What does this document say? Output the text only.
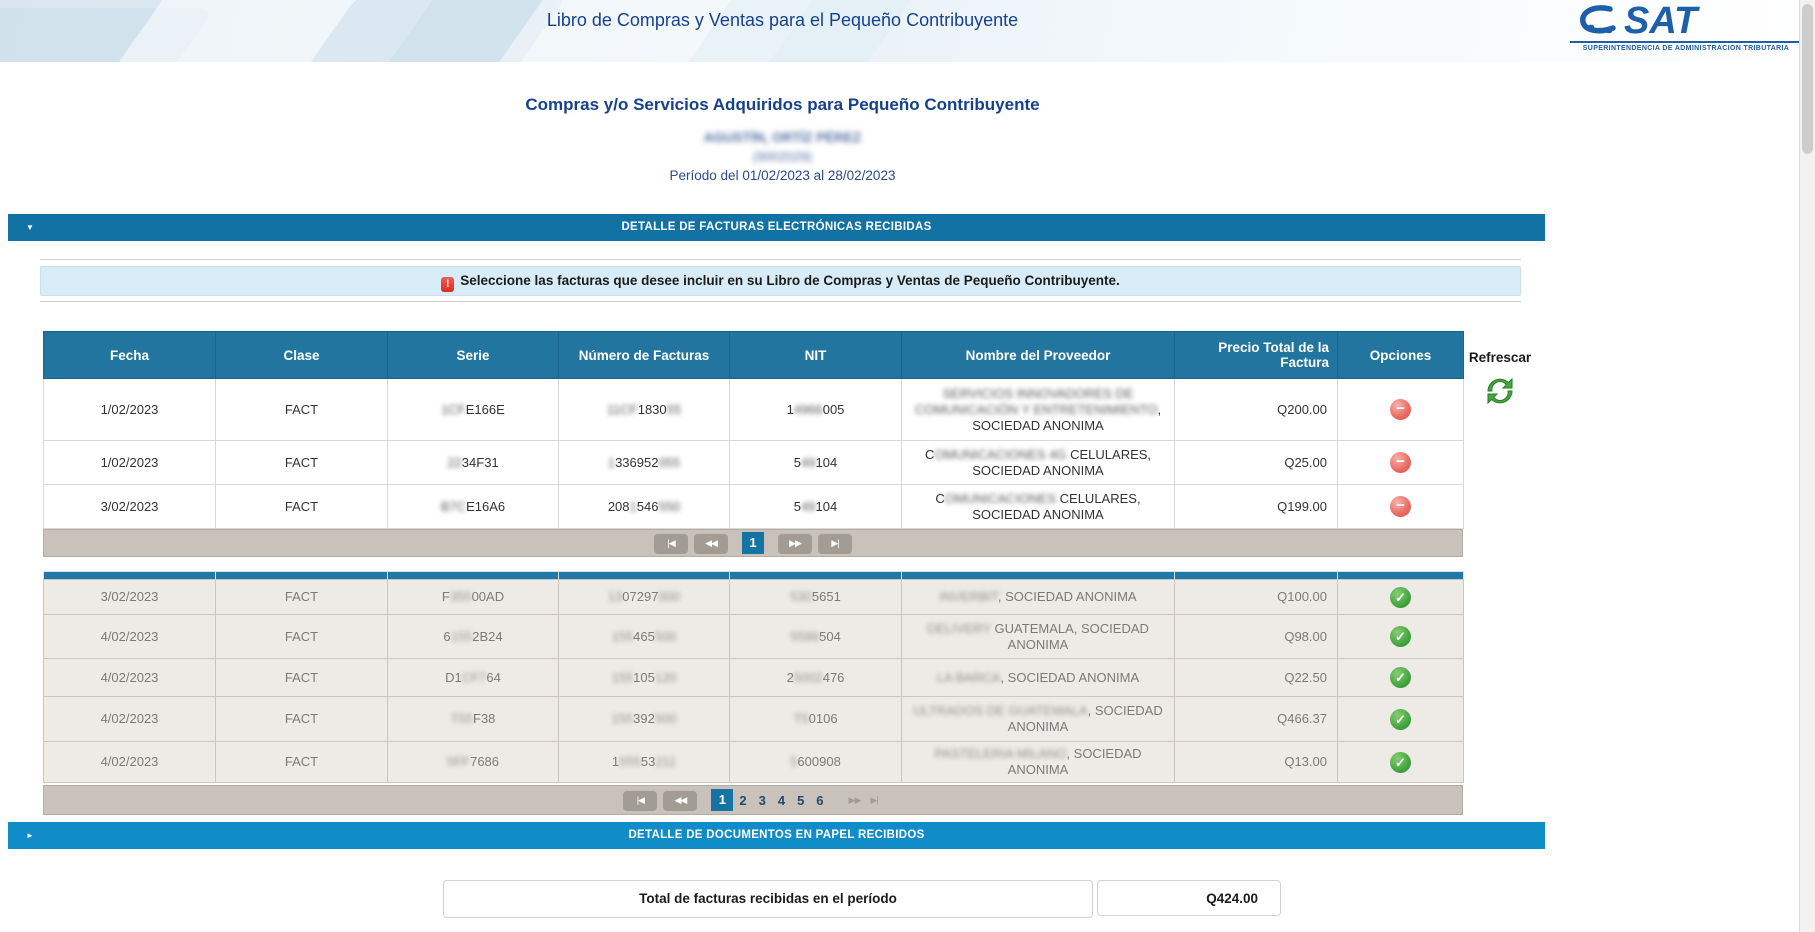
Libro de Compras y Ventas para el Pequeño Contribuyente	SAT
SUPERINTENDENCIA DE ADMINISTRACION TRIBUTARIA
Compras y/o Servicios Adquiridos para Pequeño Contribuyente
AGUSTÍN, ORTÍZ PÉREZ
(9002029)
Período del 01/02/2023 al 28/02/2023
▼	DETALLE DE FACTURAS ELECTRÓNICAS RECIBIDAS
! Seleccione las facturas que desee incluir en su Libro de Compras y Ventas de Pequeño Contribuyente.
Fecha	Clase	Serie	Número de Facturas	NIT	Nombre del Proveedor	Precio Total de la Factura	Opciones
1/02/2023	FACT	1CFE166E	11CF183055	14966005	SERVICIOS INNOVADORES DE COMUNICACIÓN Y ENTRETENIMIENTO, SOCIEDAD ANONIMA	Q200.00	−
1/02/2023	FACT	2234F31	1336952055	549104	COMUNICACIONES 4G CELULARES, SOCIEDAD ANONIMA	Q25.00	−
3/02/2023	FACT	B7CE16A6	2081546550	549104	COMUNICACIONES CELULARES, SOCIEDAD ANONIMA	Q199.00	−
|◀	◀◀	1	▶▶	▶|

3/02/2023	FACT	F35500AD	1307297000	5305651	INVERBIT, SOCIEDAD ANONIMA	Q100.00	✓
4/02/2023	FACT	61552B24	155465500	5599504	DELIVERY GUATEMALA, SOCIEDAD ANONIMA	Q98.00	✓
4/02/2023	FACT	D1CF764	155105120	25002476	LA BARCA, SOCIEDAD ANONIMA	Q22.50	✓
4/02/2023	FACT	T55F38	155392500	T50106	ULTRADOS DE GUATEMALA, SOCIEDAD ANONIMA	Q466.37	✓
4/02/2023	FACT	5FF7686	155553211	5600908	PASTELERIA MILANO, SOCIEDAD ANONIMA	Q13.00	✓
|◀	◀◀	1	2 3 4 5 6	▶▶	▶|
Refrescar
►	DETALLE DE DOCUMENTOS EN PAPEL RECIBIDOS
Total de facturas recibidas en el período	Q424.00
